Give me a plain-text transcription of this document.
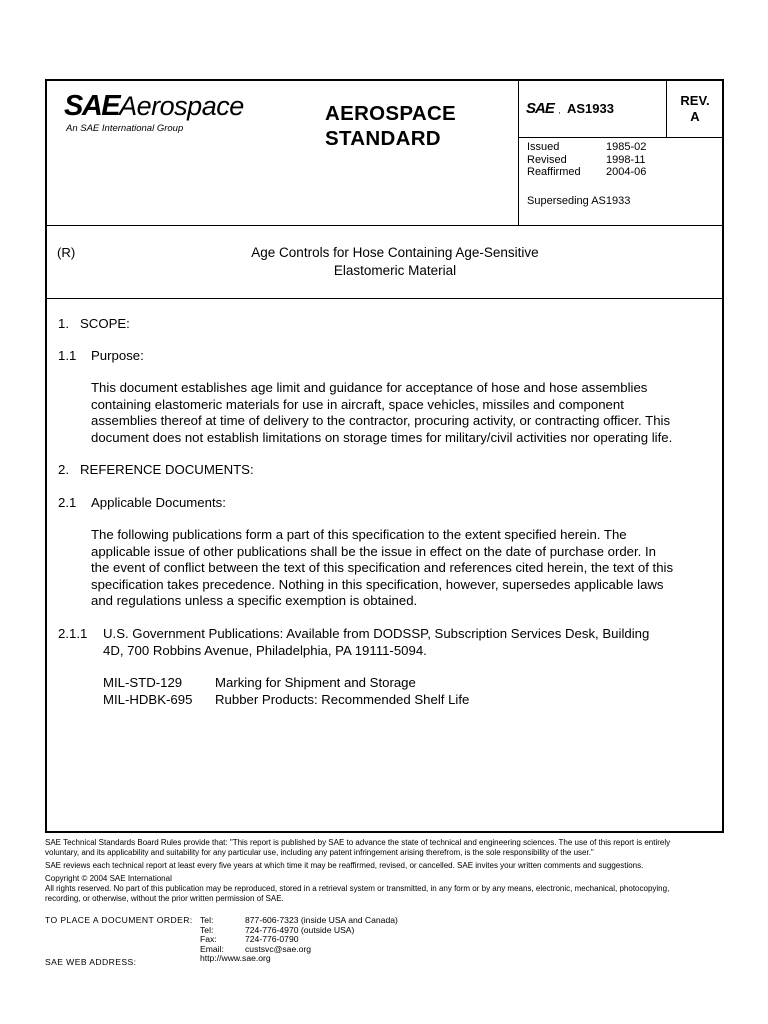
SAEAerospace
An SAE International Group
AEROSPACE
STANDARD
SAE , AS1933
REV.
A
Issued	1985-02
Revised	1998-11
Reaffirmed	2004-06
Superseding AS1933
(R)	Age Controls for Hose Containing Age-Sensitive
Elastomeric Material
1. SCOPE:
1.1 Purpose:
This document establishes age limit and guidance for acceptance of hose and hose assemblies
containing elastomeric materials for use in aircraft, space vehicles, missiles and component
assemblies thereof at time of delivery to the contractor, procuring activity, or contracting officer. This
document does not establish limitations on storage times for military/civil activities nor operating life.
2. REFERENCE DOCUMENTS:
2.1 Applicable Documents:
The following publications form a part of this specification to the extent specified herein. The
applicable issue of other publications shall be the issue in effect on the date of purchase order. In
the event of conflict between the text of this specification and references cited herein, the text of this
specification takes precedence. Nothing in this specification, however, supersedes applicable laws
and regulations unless a specific exemption is obtained.
2.1.1 U.S. Government Publications: Available from DODSSP, Subscription Services Desk, Building
4D, 700 Robbins Avenue, Philadelphia, PA 19111-5094.
MIL-STD-129	Marking for Shipment and Storage
MIL-HDBK-695	Rubber Products: Recommended Shelf Life
SAE Technical Standards Board Rules provide that: "This report is published by SAE to advance the state of technical and engineering sciences. The use of this report is entirely
voluntary, and its applicability and suitability for any particular use, including any patent infringement arising therefrom, is the sole responsibility of the user."
SAE reviews each technical report at least every five years at which time it may be reaffirmed, revised, or cancelled. SAE invites your written comments and suggestions.
Copyright © 2004 SAE International
All rights reserved. No part of this publication may be reproduced, stored in a retrieval system or transmitted, in any form or by any means, electronic, mechanical, photocopying,
recording, or otherwise, without the prior written permission of SAE.
TO PLACE A DOCUMENT ORDER: Tel:	877-606-7323 (inside USA and Canada)
Tel:	724-776-4970 (outside USA)
Fax:	724-776-0790
Email:	custsvc@sae.org
http://www.sae.org
SAE WEB ADDRESS:
